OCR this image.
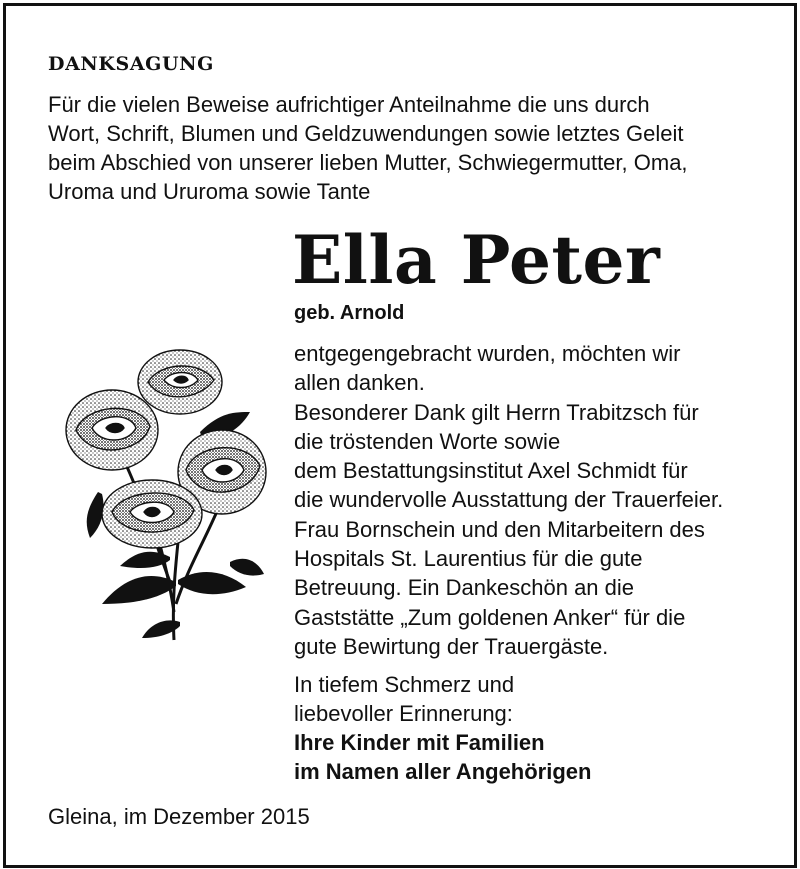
DANKSAGUNG

Für die vielen Beweise aufrichtiger Anteilnahme die uns durch
Wort, Schrift, Blumen und Geldzuwendungen sowie letztes Geleit
beim Abschied von unserer lieben Mutter, Schwiegermutter, Oma,
Uroma und Ururoma sowie Tante

Ella Peter

geb. Arnold

entgegengebracht wurden, möchten wir
allen danken.
Besonderer Dank gilt Herrn Trabitzsch für
die tröstenden Worte sowie
dem Bestattungsinstitut Axel Schmidt für
die wundervolle Ausstattung der Trauerfeier.
Frau Bornschein und den Mitarbeitern des
Hospitals St. Laurentius für die gute
Betreuung. Ein Dankeschön an die
Gaststätte „Zum goldenen Anker“ für die
gute Bewirtung der Trauergäste.

In tiefem Schmerz und
liebevoller Erinnerung:
Ihre Kinder mit Familien
im Namen aller Angehörigen

Gleina, im Dezember 2015
